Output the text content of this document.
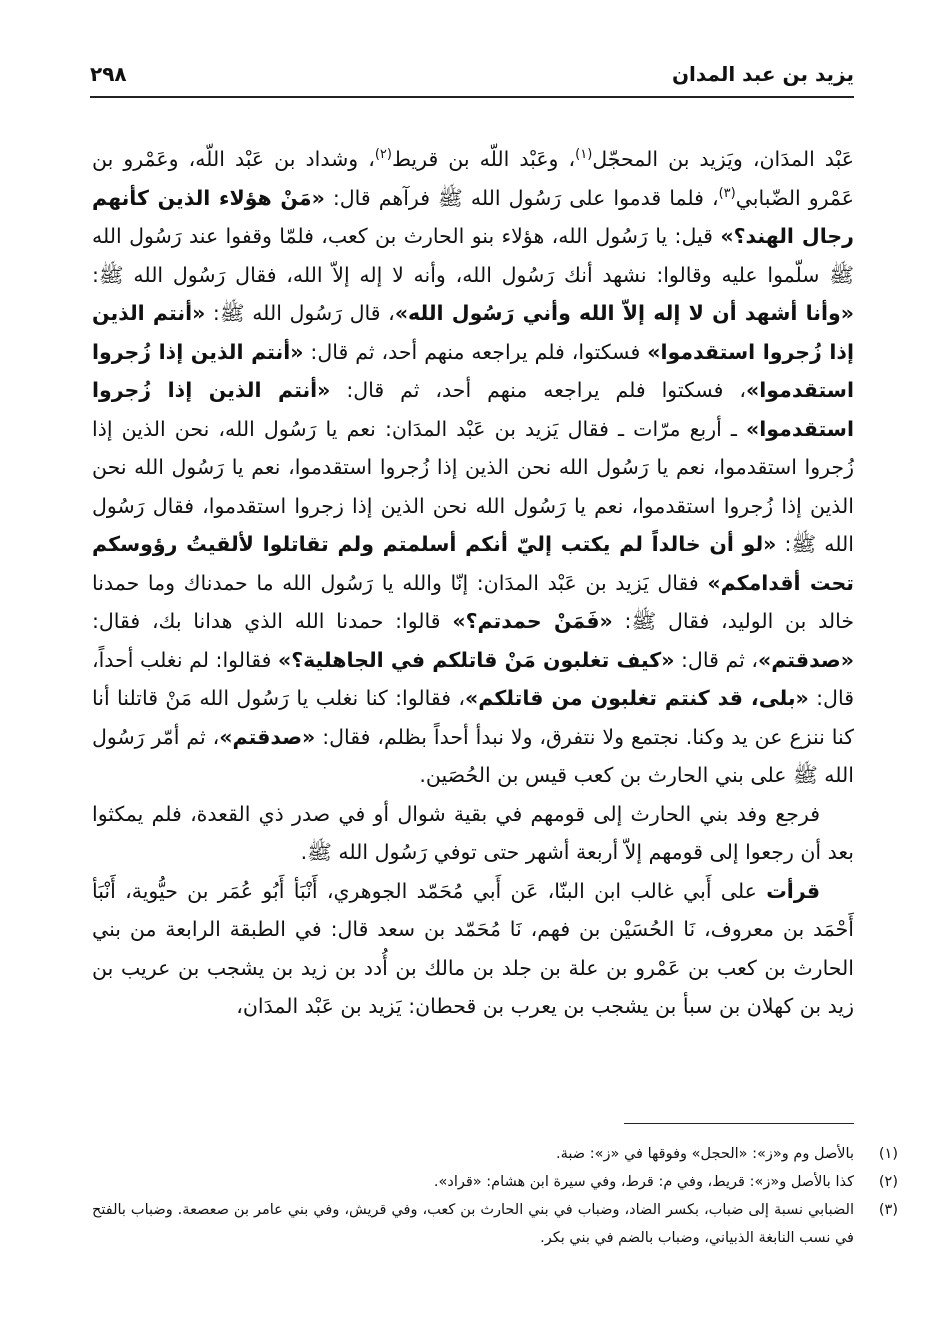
يزيد بن عبد المدان
٢٩٨

عَبْد المدَان، ويَزيد بن المحجّل$^{(١)}$، وعَبْد اللّه بن قريط$^{(٢)}$، وشداد بن عَبْد اللّه، وعَمْرو بن عَمْرو الضّبابي$^{(٣)}$، فلما قدموا على رَسُول الله ﷺ فرآهم قال: «مَنْ هؤلاء الذين كأنهم رجال الهند؟» قيل: يا رَسُول الله، هؤلاء بنو الحارث بن كعب، فلمّا وقفوا عند رَسُول الله ﷺ سلّموا عليه وقالوا: نشهد أنك رَسُول الله، وأنه لا إله إلاّ الله، فقال رَسُول الله ﷺ: «وأنا أشهد أن لا إله إلاّ الله وأني رَسُول الله»، قال رَسُول الله ﷺ: «أنتم الذين إذا زُجروا استقدموا» فسكتوا، فلم يراجعه منهم أحد، ثم قال: «أنتم الذين إذا زُجروا استقدموا»، فسكتوا فلم يراجعه منهم أحد، ثم قال: «أنتم الذين إذا زُجروا استقدموا» ـ أربع مرّات ـ فقال يَزيد بن عَبْد المدَان: نعم يا رَسُول الله، نحن الذين إذا زُجروا استقدموا، نعم يا رَسُول الله نحن الذين إذا زُجروا استقدموا، نعم يا رَسُول الله نحن الذين إذا زُجروا استقدموا، نعم يا رَسُول الله نحن الذين إذا زجروا استقدموا، فقال رَسُول الله ﷺ: «لو أن خالداً لم يكتب إليّ أنكم أسلمتم ولم تقاتلوا لألقيتُ رؤوسكم تحت أقدامكم» فقال يَزيد بن عَبْد المدَان: إنّا والله يا رَسُول الله ما حمدناك وما حمدنا خالد بن الوليد، فقال ﷺ: «فَمَنْ حمدتم؟» قالوا: حمدنا الله الذي هدانا بك، فقال: «صدقتم»، ثم قال: «كيف تغلبون مَنْ قاتلكم في الجاهلية؟» فقالوا: لم نغلب أحداً، قال: «بلى، قد كنتم تغلبون من قاتلكم»، فقالوا: كنا نغلب يا رَسُول الله مَنْ قاتلنا أنا كنا ننزع عن يد وكنا. نجتمع ولا نتفرق، ولا نبدأ أحداً بظلم، فقال: «صدقتم»، ثم أمّر رَسُول الله ﷺ على بني الحارث بن كعب قيس بن الحُصَين.

فرجع وفد بني الحارث إلى قومهم في بقية شوال أو في صدر ذي القعدة، فلم يمكثوا بعد أن رجعوا إلى قومهم إلاّ أربعة أشهر حتى توفي رَسُول الله ﷺ.

قرأت على أَبي غالب ابن البنّا، عَن أَبي مُحَمّد الجوهري، أَنْبَأ أَبُو عُمَر بن حيُّوية، أَنْبَأ أَحْمَد بن معروف، نَا الحُسَيْن بن فهم، نَا مُحَمّد بن سعد قال: في الطبقة الرابعة من بني الحارث بن كعب بن عَمْرو بن علة بن جلد بن مالك بن أُدد بن زيد بن يشجب بن عريب بن زيد بن كهلان بن سبأ بن يشجب بن يعرب بن قحطان: يَزيد بن عَبْد المدَان،

(١)
بالأصل وم و«ز»: «الحجل» وفوقها في «ز»: ضبة.
(٢)
كذا بالأصل و«ز»: قريط، وفي م: قرط، وفي سيرة ابن هشام: «قراد».
(٣)
الضبابي نسبة إلى ضباب، بكسر الضاد، وضباب في بني الحارث بن كعب، وفي قريش، وفي بني عامر بن صعصعة. وضباب بالفتح في نسب النابغة الذبياني، وضباب بالضم في بني بكر.
